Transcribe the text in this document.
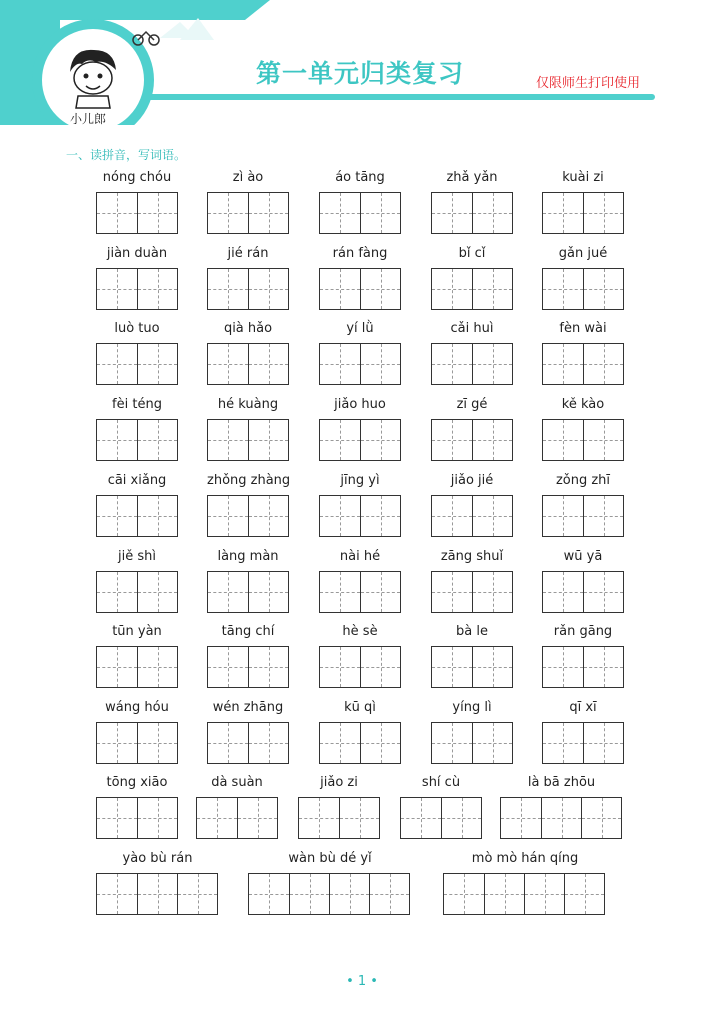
小儿郎
第一单元归类复习	仅限师生打印使用
一、读拼音，写词语。
nóng chóu	zì ào	áo tāng	zhǎ yǎn	kuài zi
jiàn duàn	jié rán	rán fàng	bǐ cǐ	gǎn jué
luò tuo	qià hǎo	yí lǜ	cǎi huì	fèn wài
fèi téng	hé kuàng	jiǎo huo	zī gé	kě kào
cāi xiǎng	zhǒng zhàng	jīng yì	jiǎo jié	zǒng zhī
jiě shì	làng màn	nài hé	zāng shuǐ	wū yā
tūn yàn	tāng chí	hè sè	bà le	rǎn gāng
wáng hóu	wén zhāng	kū qì	yíng lì	qī xī
tōng xiāo	dà suàn	jiǎo zi	shí cù	là bā zhōu
yào bù rán	wàn bù dé yǐ	mò mò hán qíng
• 1 •
